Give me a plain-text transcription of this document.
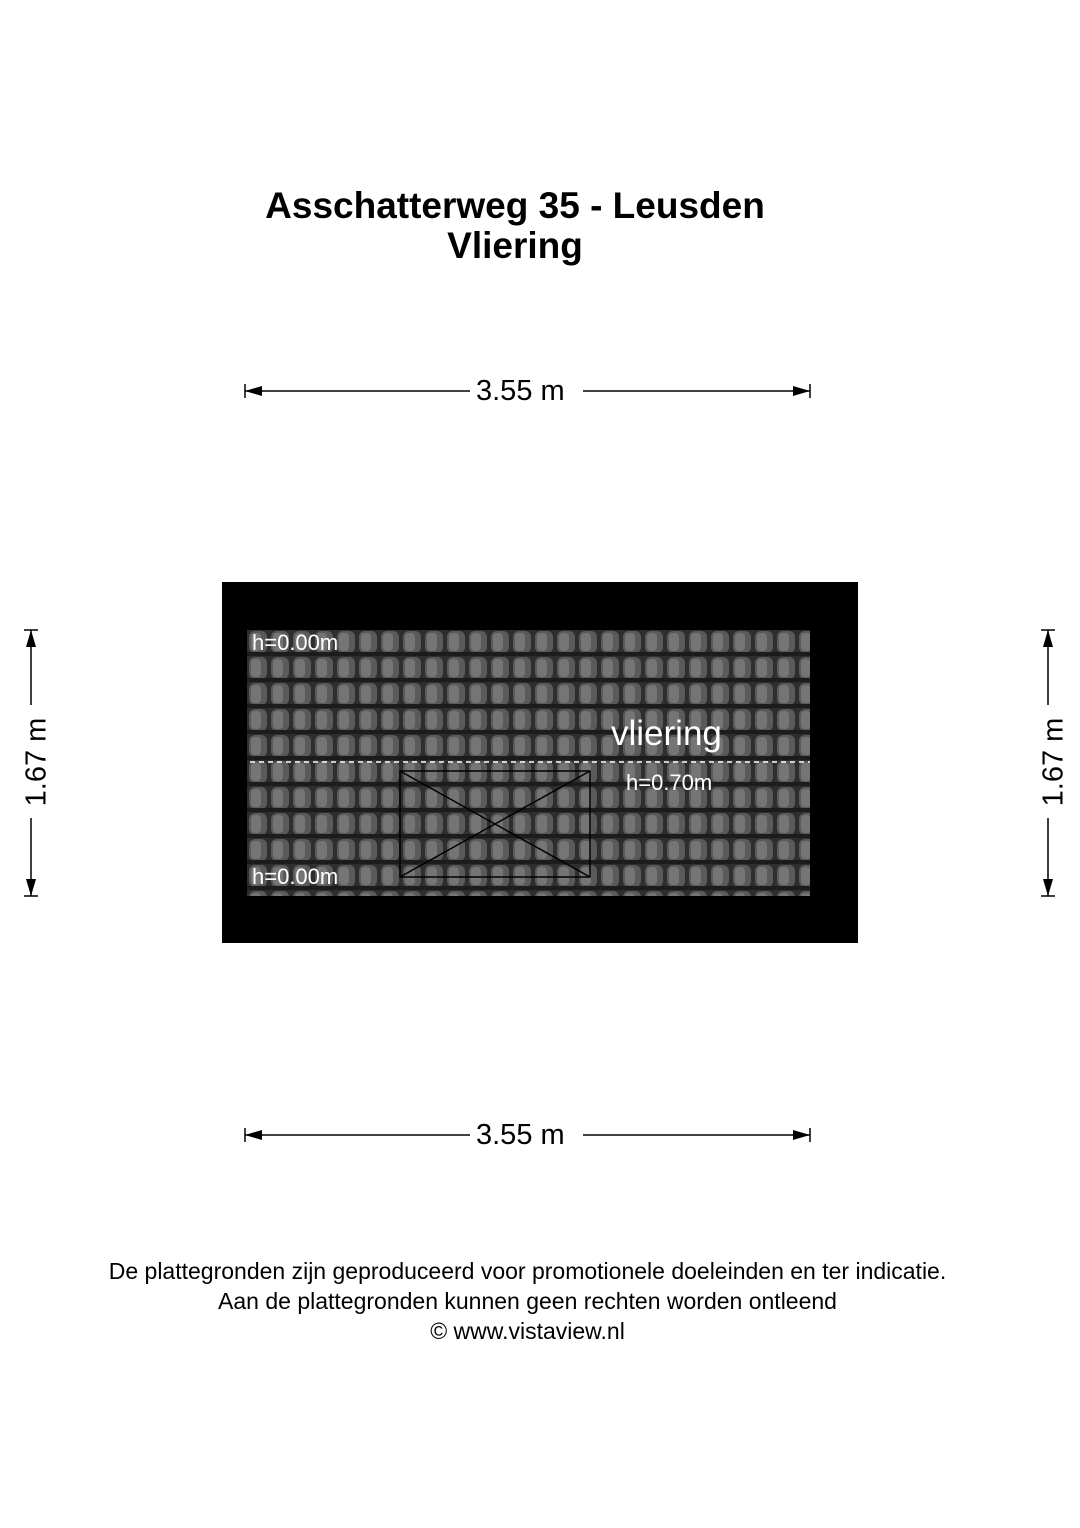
Asschatterweg 35 - Leusden
Vliering
3.55 m
3.55 m
1.67 m	1.67 m
h=0.00m
vliering
h=0.70m
h=0.00m
De plattegronden zijn geproduceerd voor promotionele doeleinden en ter indicatie.
Aan de plattegronden kunnen geen rechten worden ontleend
© www.vistaview.nl
